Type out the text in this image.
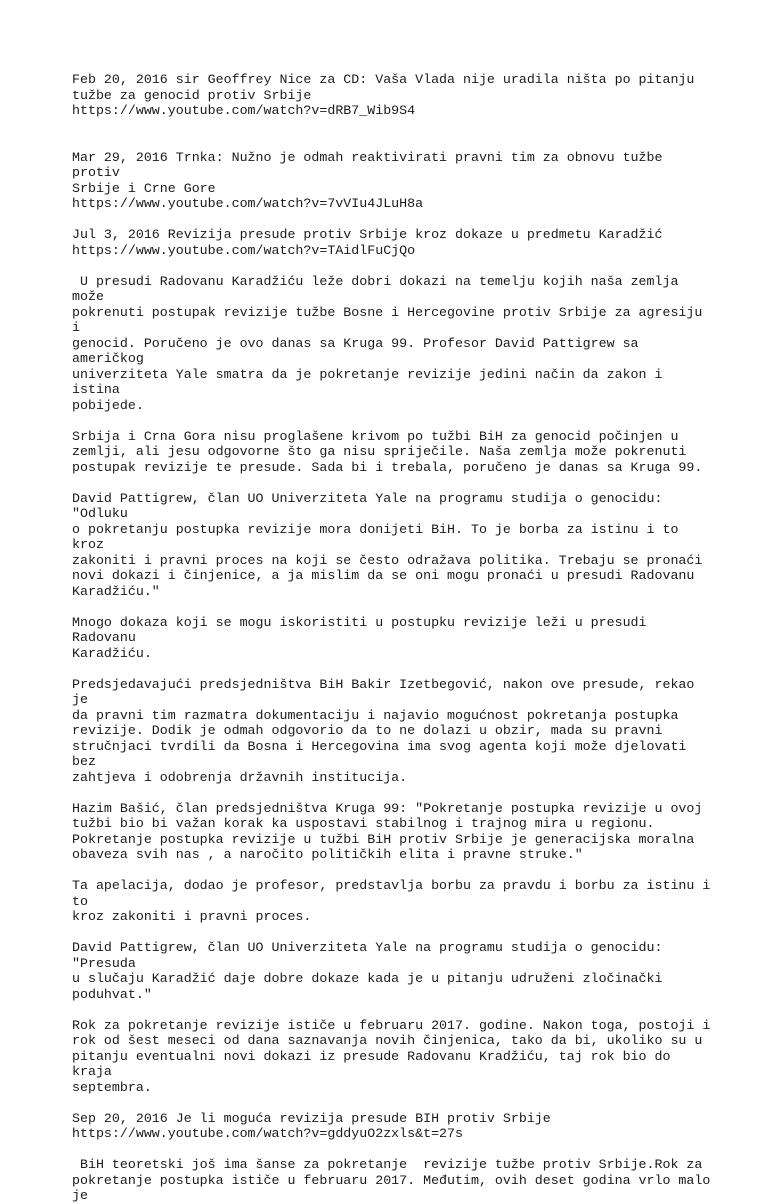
Feb 20, 2016 sir Geoffrey Nice za CD: Vaša Vlada nije uradila ništa po pitanju
tužbe za genocid protiv Srbije
https://www.youtube.com/watch?v=dRB7_Wib9S4

Mar 29, 2016 Trnka: Nužno je odmah reaktivirati pravni tim za obnovu tužbe protiv
Srbije i Crne Gore
https://www.youtube.com/watch?v=7vVIu4JLuH8a

Jul 3, 2016 Revizija presude protiv Srbije kroz dokaze u predmetu Karadžić
https://www.youtube.com/watch?v=TAidlFuCjQo

U presudi Radovanu Karadžiću leže dobri dokazi na temelju kojih naša zemlja može
pokrenuti postupak revizije tužbe Bosne i Hercegovine protiv Srbije za agresiju i
genocid. Poručeno je ovo danas sa Kruga 99. Profesor David Pattigrew sa američkog
univerziteta Yale smatra da je pokretanje revizije jedini način da zakon i istina
pobijede.

Srbija i Crna Gora nisu proglašene krivom po tužbi BiH za genocid počinjen u
zemlji, ali jesu odgovorne što ga nisu spriječile. Naša zemlja može pokrenuti
postupak revizije te presude. Sada bi i trebala, poručeno je danas sa Kruga 99.

David Pattigrew, član UO Univerziteta Yale na programu studija o genocidu: "Odluku
o pokretanju postupka revizije mora donijeti BiH. To je borba za istinu i to kroz
zakoniti i pravni proces na koji se često odražava politika. Trebaju se pronaći
novi dokazi i činjenice, a ja mislim da se oni mogu pronaći u presudi Radovanu
Karadžiću."

Mnogo dokaza koji se mogu iskoristiti u postupku revizije leži u presudi Radovanu
Karadžiću.

Predsjedavajući predsjedništva BiH Bakir Izetbegović, nakon ove presude, rekao je
da pravni tim razmatra dokumentaciju i najavio mogućnost pokretanja postupka
revizije. Dodik je odmah odgovorio da to ne dolazi u obzir, mada su pravni
stručnjaci tvrdili da Bosna i Hercegovina ima svog agenta koji može djelovati bez
zahtjeva i odobrenja državnih institucija.

Hazim Bašić, član predsjedništva Kruga 99: "Pokretanje postupka revizije u ovoj
tužbi bio bi važan korak ka uspostavi stabilnog i trajnog mira u regionu.
Pokretanje postupka revizije u tužbi BiH protiv Srbije je generacijska moralna
obaveza svih nas , a naročito političkih elita i pravne struke."

Ta apelacija, dodao je profesor, predstavlja borbu za pravdu i borbu za istinu i to
kroz zakoniti i pravni proces.

David Pattigrew, član UO Univerziteta Yale na programu studija o genocidu: "Presuda
u slučaju Karadžić daje dobre dokaze kada je u pitanju udruženi zločinački
poduhvat."

Rok za pokretanje revizije ističe u februaru 2017. godine. Nakon toga, postoji i
rok od šest meseci od dana saznavanja novih činjenica, tako da bi, ukoliko su u
pitanju eventualni novi dokazi iz presude Radovanu Kradžiću, taj rok bio do kraja
septembra.

Sep 20, 2016 Je li moguća revizija presude BIH protiv Srbije
https://www.youtube.com/watch?v=gddyuO2zxls&t=27s

BiH teoretski još ima šanse za pokretanje  revizije tužbe protiv Srbije.Rok za
pokretanje postupka ističe u februaru 2017. Međutim, ovih deset godina vrlo malo je
